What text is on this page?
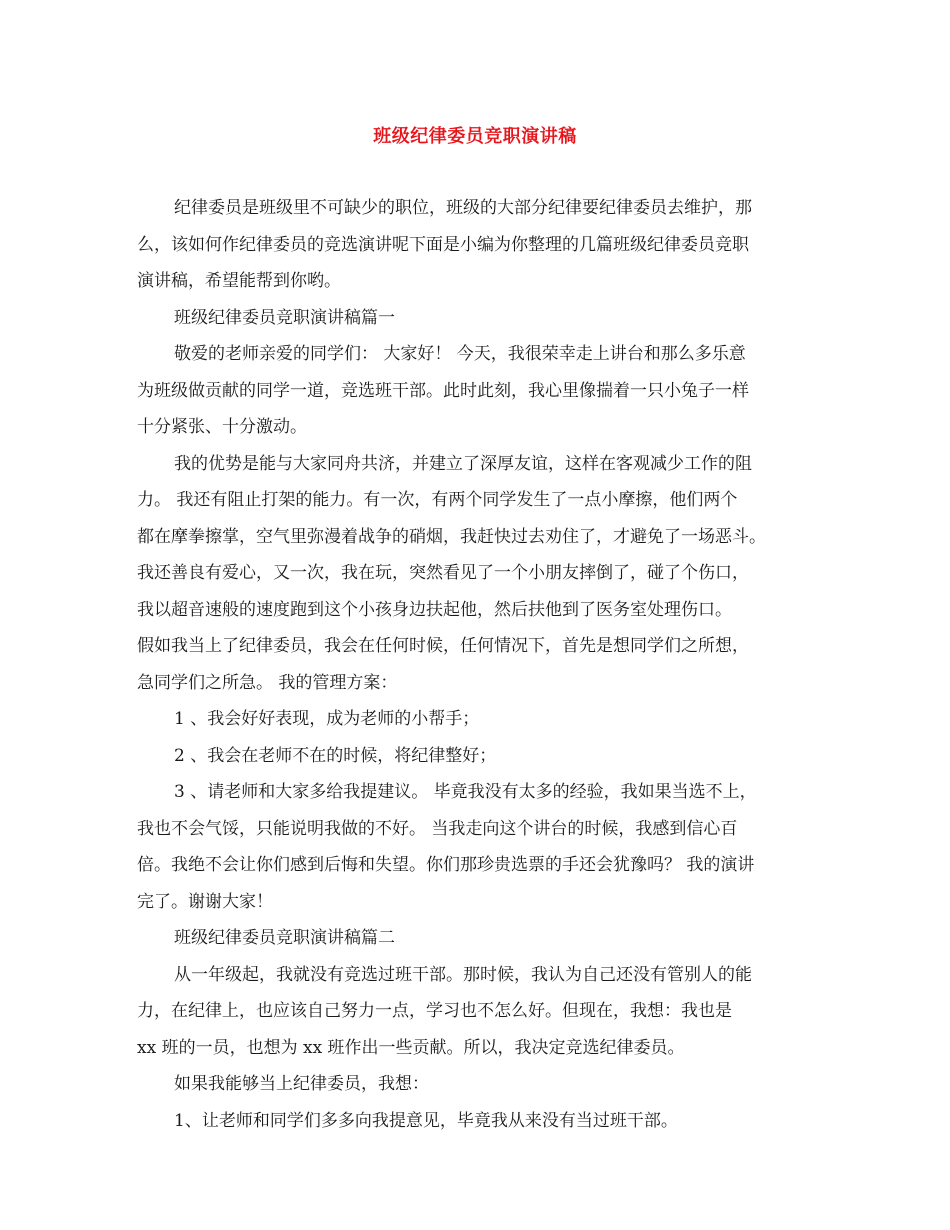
班级纪律委员竞职演讲稿
纪律委员是班级里不可缺少的职位，班级的大部分纪律要纪律委员去维护，那
么，该如何作纪律委员的竞选演讲呢下面是小编为你整理的几篇班级纪律委员竞职
演讲稿，希望能帮到你哟。
班级纪律委员竞职演讲稿篇一
敬爱的老师亲爱的同学们： 大家好！ 今天，我很荣幸走上讲台和那么多乐意
为班级做贡献的同学一道，竞选班干部。此时此刻，我心里像揣着一只小兔子一样
十分紧张、十分激动。
我的优势是能与大家同舟共济，并建立了深厚友谊，这样在客观减少工作的阻
力。 我还有阻止打架的能力。有一次，有两个同学发生了一点小摩擦，他们两个
都在摩拳擦掌，空气里弥漫着战争的硝烟，我赶快过去劝住了，才避免了一场恶斗。
我还善良有爱心，又一次，我在玩，突然看见了一个小朋友摔倒了，碰了个伤口，
我以超音速般的速度跑到这个小孩身边扶起他，然后扶他到了医务室处理伤口。
假如我当上了纪律委员，我会在任何时候，任何情况下，首先是想同学们之所想，
急同学们之所急。 我的管理方案：
1 、我会好好表现，成为老师的小帮手；
2 、我会在老师不在的时候，将纪律整好；
3 、请老师和大家多给我提建议。 毕竟我没有太多的经验，我如果当选不上，
我也不会气馁，只能说明我做的不好。 当我走向这个讲台的时候，我感到信心百
倍。我绝不会让你们感到后悔和失望。你们那珍贵选票的手还会犹豫吗？ 我的演讲
完了。谢谢大家！
班级纪律委员竞职演讲稿篇二
从一年级起，我就没有竞选过班干部。那时候，我认为自己还没有管别人的能
力，在纪律上，也应该自己努力一点，学习也不怎么好。但现在，我想：我也是
xx 班的一员，也想为 xx 班作出一些贡献。所以，我决定竞选纪律委员。
如果我能够当上纪律委员，我想：
1、让老师和同学们多多向我提意见，毕竟我从来没有当过班干部。
